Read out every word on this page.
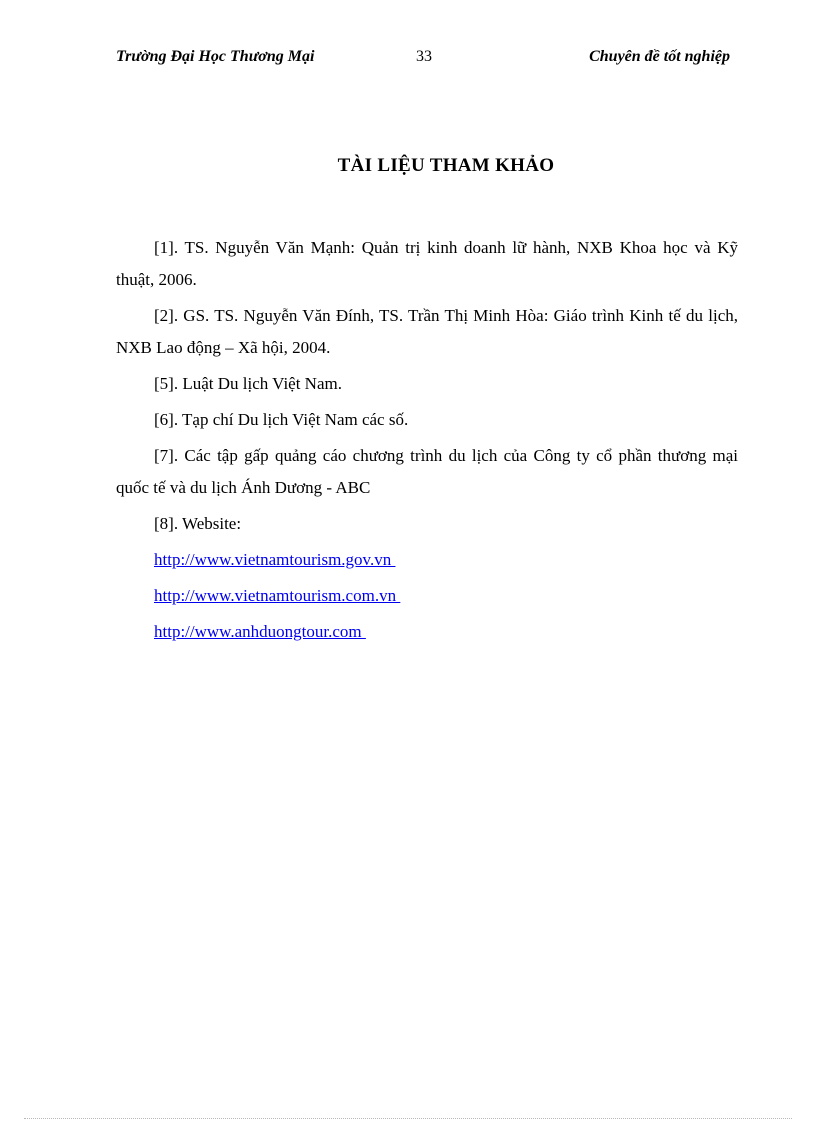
Trường Đại Học Thương Mại	33	Chuyên đề tốt nghiệp
TÀI LIỆU THAM KHẢO

[1]. TS. Nguyễn Văn Mạnh: Quản trị kinh doanh lữ hành, NXB Khoa học và Kỹ thuật, 2006.

[2]. GS. TS. Nguyễn Văn Đính, TS. Trần Thị Minh Hòa: Giáo trình Kinh tế du lịch, NXB Lao động – Xã hội, 2004.

[5]. Luật Du lịch Việt Nam.

[6]. Tạp chí Du lịch Việt Nam các số.

[7]. Các tập gấp quảng cáo chương trình du lịch của Công ty cổ phần thương mại quốc tế và du lịch Ánh Dương - ABC

[8]. Website:

http://www.vietnamtourism.gov.vn
http://www.vietnamtourism.com.vn
http://www.anhduongtour.com
